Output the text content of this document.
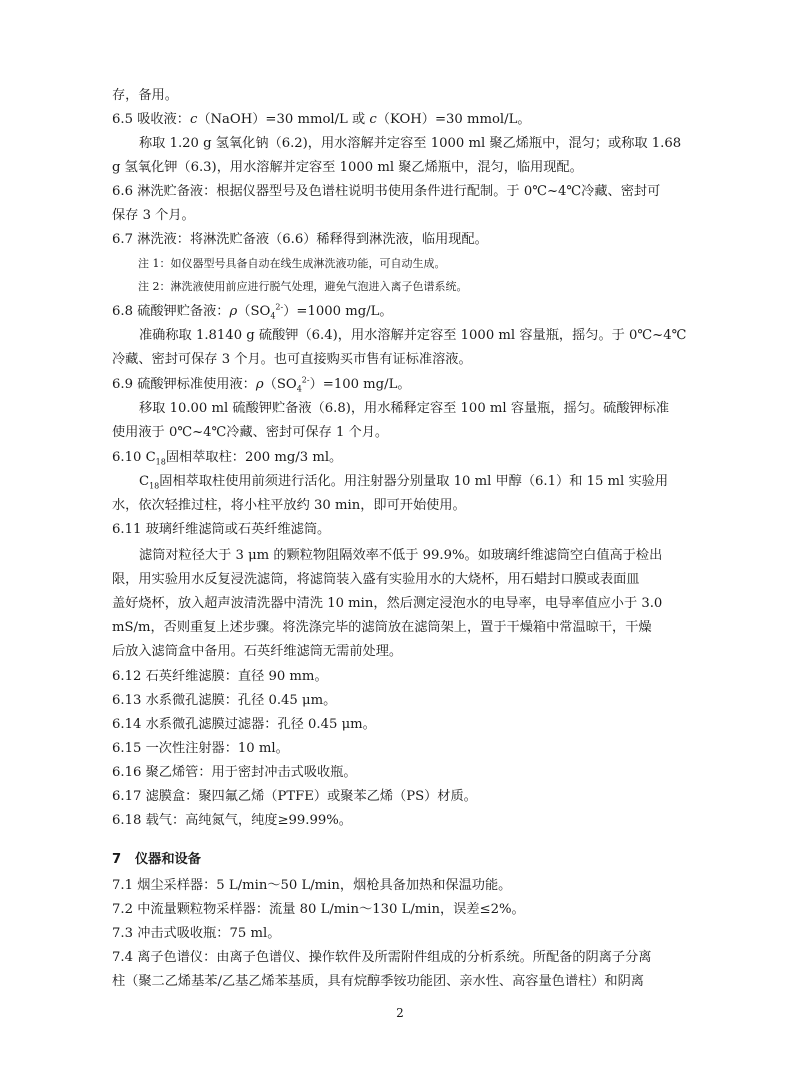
存，备用。
6.5 吸收液：c（NaOH）=30 mmol/L 或 c（KOH）=30 mmol/L。
称取 1.20 g 氢氧化钠（6.2)，用水溶解并定容至 1000 ml 聚乙烯瓶中，混匀；或称取 1.68
g 氢氧化钾（6.3)，用水溶解并定容至 1000 ml 聚乙烯瓶中，混匀，临用现配。
6.6 淋洗贮备液：根据仪器型号及色谱柱说明书使用条件进行配制。于 0℃~4℃冷藏、密封可
保存 3 个月。
6.7 淋洗液：将淋洗贮备液（6.6）稀释得到淋洗液，临用现配。
注 1：如仪器型号具备自动在线生成淋洗液功能，可自动生成。
注 2：淋洗液使用前应进行脱气处理，避免气泡进入离子色谱系统。
6.8 硫酸钾贮备液：$\rho(SO_4^{2-})=1000$ mg/L。
准确称取 1.8140 g 硫酸钾（6.4)，用水溶解并定容至 1000 ml 容量瓶，摇匀。于 0℃~4℃
冷藏、密封可保存 3 个月。也可直接购买市售有证标准溶液。
6.9 硫酸钾标准使用液：$\rho(SO_4^{2-})=100$ mg/L。
移取 10.00 ml 硫酸钾贮备液（6.8)，用水稀释定容至 100 ml 容量瓶，摇匀。硫酸钾标准
使用液于 0℃~4℃冷藏、密封可保存 1 个月。
6.10 $C_{18}$固相萃取柱：200 mg/3 ml。
$C_{18}$固相萃取柱使用前须进行活化。用注射器分别量取 10 ml 甲醇（6.1）和 15 ml 实验用
水，依次轻推过柱，将小柱平放约 30 min，即可开始使用。
6.11 玻璃纤维滤筒或石英纤维滤筒。
滤筒对粒径大于 3 μm 的颗粒物阻隔效率不低于 99.9%。如玻璃纤维滤筒空白值高于检出
限，用实验用水反复浸洗滤筒，将滤筒装入盛有实验用水的大烧杯，用石蜡封口膜或表面皿
盖好烧杯，放入超声波清洗器中清洗 10 min，然后测定浸泡水的电导率，电导率值应小于 3.0
mS/m，否则重复上述步骤。将洗涤完毕的滤筒放在滤筒架上，置于干燥箱中常温晾干，干燥
后放入滤筒盒中备用。石英纤维滤筒无需前处理。
6.12 石英纤维滤膜：直径 90 mm。
6.13 水系微孔滤膜：孔径 0.45 μm。
6.14 水系微孔滤膜过滤器：孔径 0.45 μm。
6.15 一次性注射器：10 ml。
6.16 聚乙烯管：用于密封冲击式吸收瓶。
6.17 滤膜盒：聚四氟乙烯（PTFE）或聚苯乙烯（PS）材质。
6.18 载气：高纯氮气，纯度≥99.99%。
7 仪器和设备
7.1 烟尘采样器：5 L/min～50 L/min，烟枪具备加热和保温功能。
7.2 中流量颗粒物采样器：流量 80 L/min～130 L/min，误差≤2%。
7.3 冲击式吸收瓶：75 ml。
7.4 离子色谱仪：由离子色谱仪、操作软件及所需附件组成的分析系统。所配备的阴离子分离
柱（聚二乙烯基苯/乙基乙烯苯基质，具有烷醇季铵功能团、亲水性、高容量色谱柱）和阴离
2
